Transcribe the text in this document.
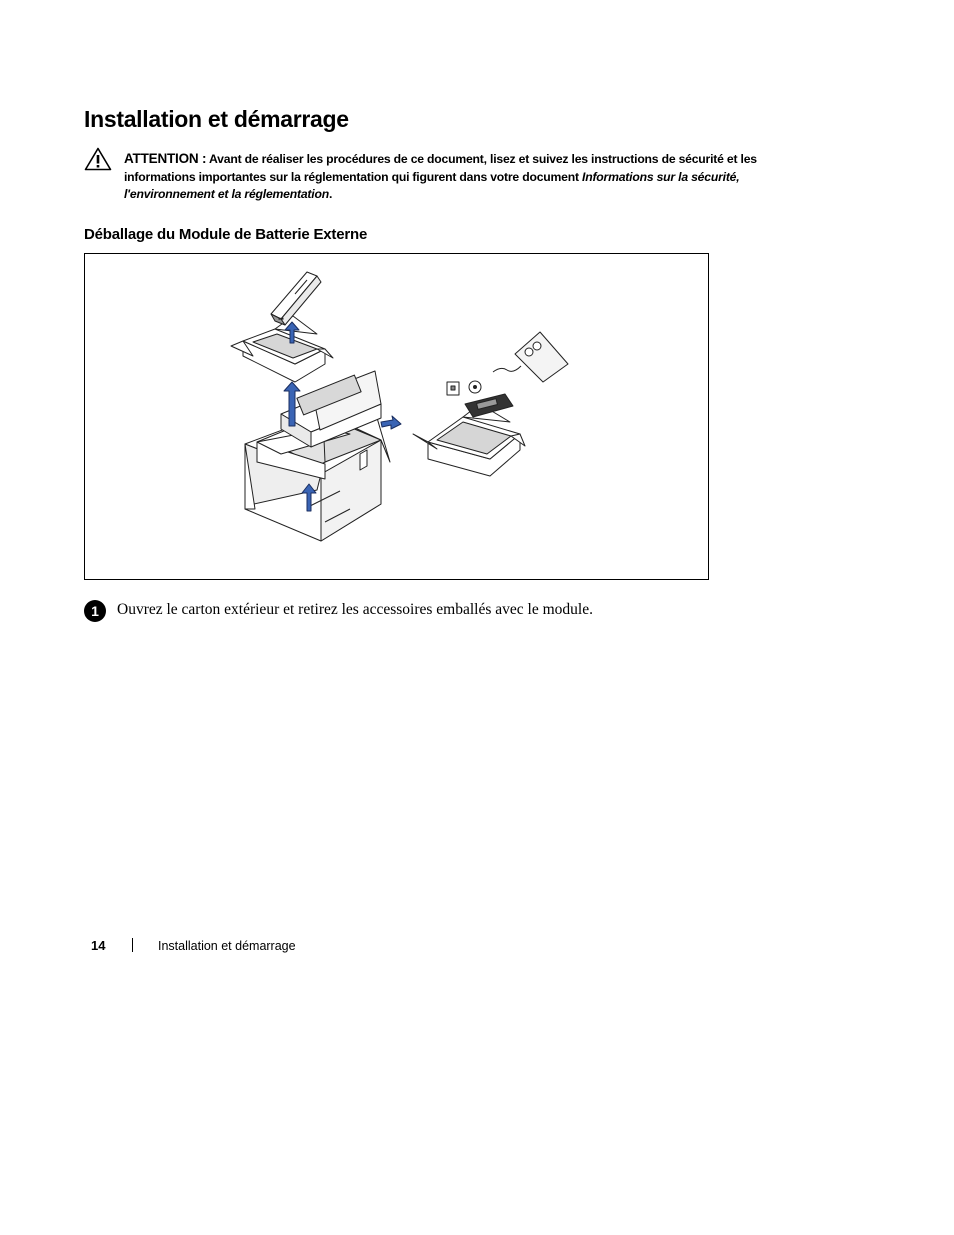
Installation et démarrage
ATTENTION : Avant de réaliser les procédures de ce document, lisez et suivez les instructions de sécurité et les informations importantes sur la réglementation qui figurent dans votre document Informations sur la sécurité, l'environnement et la réglementation.
Déballage du Module de Batterie Externe
▪▪
1	Ouvrez le carton extérieur et retirez les accessoires emballés avec le module.
14	Installation et démarrage
